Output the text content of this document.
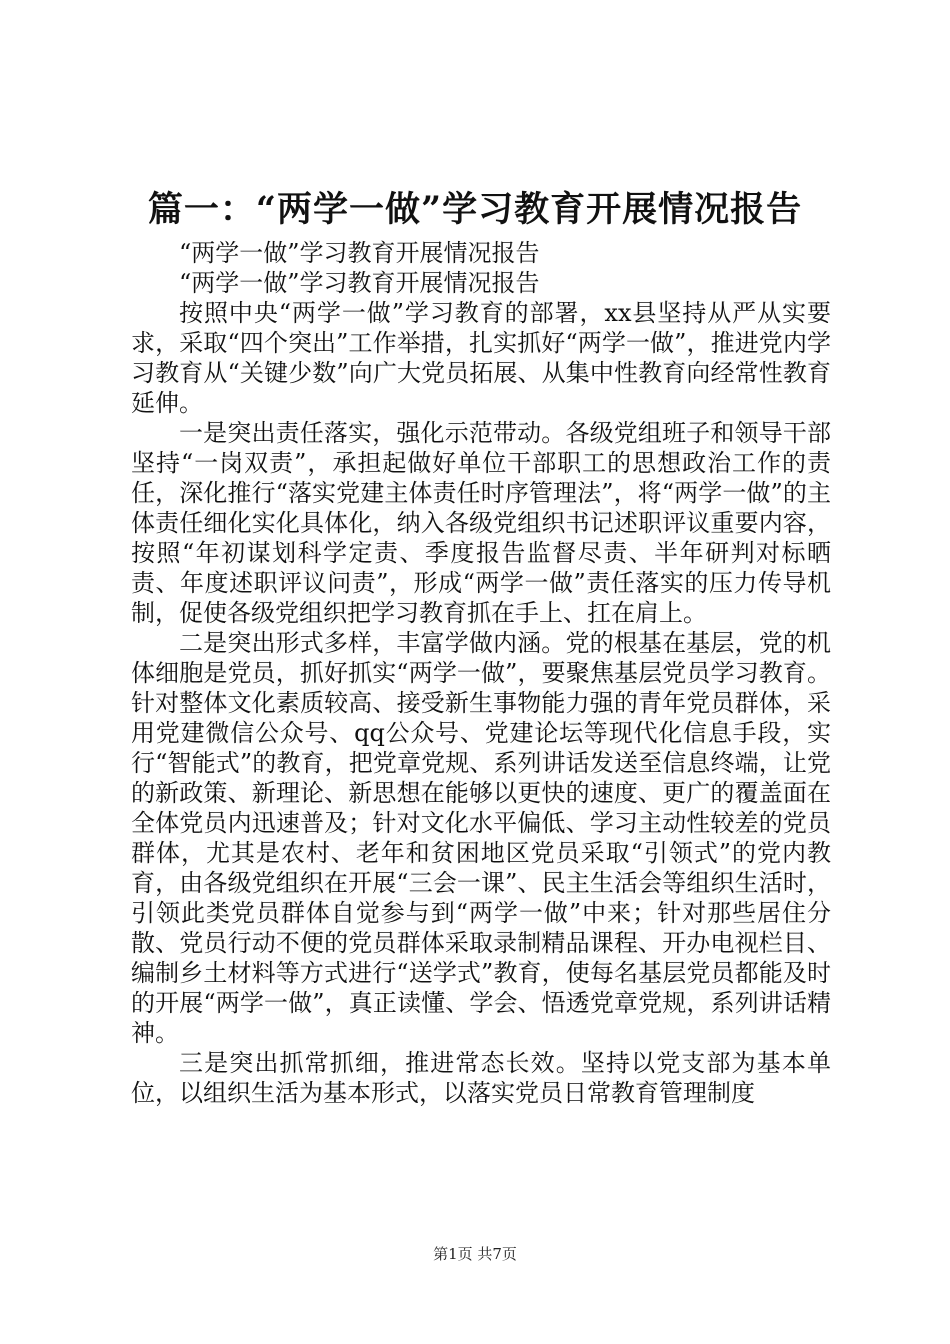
篇一：“两学一做”学习教育开展情况报告

“两学一做”学习教育开展情况报告

“两学一做”学习教育开展情况报告

按照中央“两学一做”学习教育的部署，xx县坚持从严从实要求，采取“四个突出”工作举措，扎实抓好“两学一做”，推进党内学习教育从“关键少数”向广大党员拓展、从集中性教育向经常性教育延伸。

一是突出责任落实，强化示范带动。各级党组班子和领导干部坚持“一岗双责”，承担起做好单位干部职工的思想政治工作的责任，深化推行“落实党建主体责任时序管理法”，将“两学一做”的主体责任细化实化具体化，纳入各级党组织书记述职评议重要内容，按照“年初谋划科学定责、季度报告监督尽责、半年研判对标晒责、年度述职评议问责”，形成“两学一做”责任落实的压力传导机制，促使各级党组织把学习教育抓在手上、扛在肩上。

二是突出形式多样，丰富学做内涵。党的根基在基层，党的机体细胞是党员，抓好抓实“两学一做”，要聚焦基层党员学习教育。针对整体文化素质较高、接受新生事物能力强的青年党员群体，采用党建微信公众号、qq公众号、党建论坛等现代化信息手段，实行“智能式”的教育，把党章党规、系列讲话发送至信息终端，让党的新政策、新理论、新思想在能够以更快的速度、更广的覆盖面在全体党员内迅速普及；针对文化水平偏低、学习主动性较差的党员群体，尤其是农村、老年和贫困地区党员采取“引领式”的党内教育，由各级党组织在开展“三会一课”、民主生活会等组织生活时，引领此类党员群体自觉参与到“两学一做”中来；针对那些居住分散、党员行动不便的党员群体采取录制精品课程、开办电视栏目、编制乡土材料等方式进行“送学式”教育，使每名基层党员都能及时的开展“两学一做”，真正读懂、学会、悟透党章党规，系列讲话精神。

三是突出抓常抓细，推进常态长效。坚持以党支部为基本单位，以组织生活为基本形式，以落实党员日常教育管理制度

第1页 共7页
